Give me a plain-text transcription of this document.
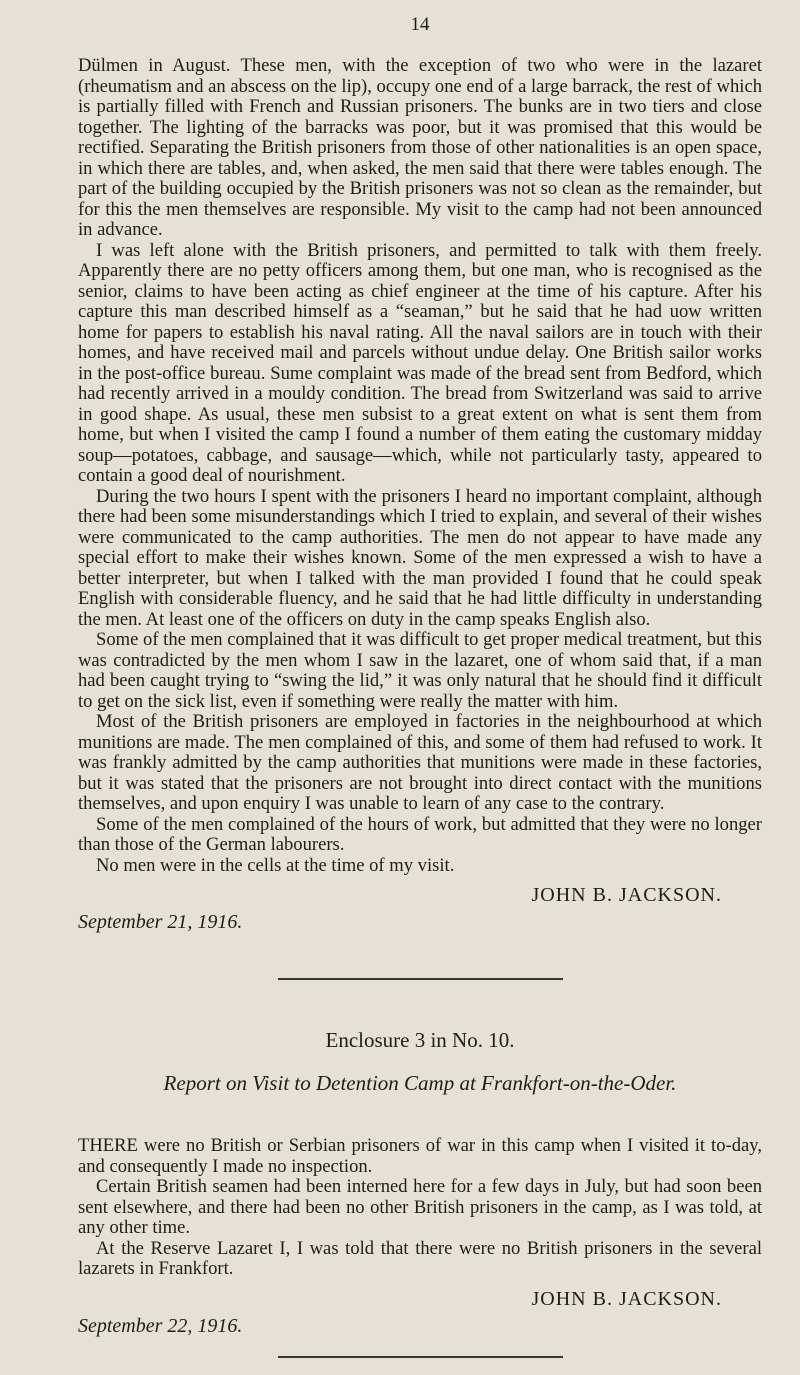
14

Dülmen in August. These men, with the exception of two who were in the lazaret (rheumatism and an abscess on the lip), occupy one end of a large barrack, the rest of which is partially filled with French and Russian prisoners. The bunks are in two tiers and close together. The lighting of the barracks was poor, but it was promised that this would be rectified. Separating the British prisoners from those of other nationalities is an open space, in which there are tables, and, when asked, the men said that there were tables enough. The part of the building occupied by the British prisoners was not so clean as the remainder, but for this the men themselves are responsible. My visit to the camp had not been announced in advance.

I was left alone with the British prisoners, and permitted to talk with them freely. Apparently there are no petty officers among them, but one man, who is recognised as the senior, claims to have been acting as chief engineer at the time of his capture. After his capture this man described himself as a “seaman,” but he said that he had uow written home for papers to establish his naval rating. All the naval sailors are in touch with their homes, and have received mail and parcels without undue delay. One British sailor works in the post-office bureau. Sume complaint was made of the bread sent from Bedford, which had recently arrived in a mouldy condition. The bread from Switzerland was said to arrive in good shape. As usual, these men subsist to a great extent on what is sent them from home, but when I visited the camp I found a number of them eating the customary midday soup—potatoes, cabbage, and sausage—which, while not particularly tasty, appeared to contain a good deal of nourishment.

During the two hours I spent with the prisoners I heard no important complaint, although there had been some misunderstandings which I tried to explain, and several of their wishes were communicated to the camp authorities. The men do not appear to have made any special effort to make their wishes known. Some of the men expressed a wish to have a better interpreter, but when I talked with the man provided I found that he could speak English with considerable fluency, and he said that he had little difficulty in understanding the men. At least one of the officers on duty in the camp speaks English also.

Some of the men complained that it was difficult to get proper medical treatment, but this was contradicted by the men whom I saw in the lazaret, one of whom said that, if a man had been caught trying to “swing the lid,” it was only natural that he should find it difficult to get on the sick list, even if something were really the matter with him.

Most of the British prisoners are employed in factories in the neighbourhood at which munitions are made. The men complained of this, and some of them had refused to work. It was frankly admitted by the camp authorities that munitions were made in these factories, but it was stated that the prisoners are not brought into direct contact with the munitions themselves, and upon enquiry I was unable to learn of any case to the contrary.

Some of the men complained of the hours of work, but admitted that they were no longer than those of the German labourers.

No men were in the cells at the time of my visit.

JOHN B. JACKSON.
September 21, 1916.
Enclosure 3 in No. 10.
Report on Visit to Detention Camp at Frankfort-on-the-Oder.

THERE were no British or Serbian prisoners of war in this camp when I visited it to-day, and consequently I made no inspection.

Certain British seamen had been interned here for a few days in July, but had soon been sent elsewhere, and there had been no other British prisoners in the camp, as I was told, at any other time.

At the Reserve Lazaret I, I was told that there were no British prisoners in the several lazarets in Frankfort.

JOHN B. JACKSON.
September 22, 1916.
